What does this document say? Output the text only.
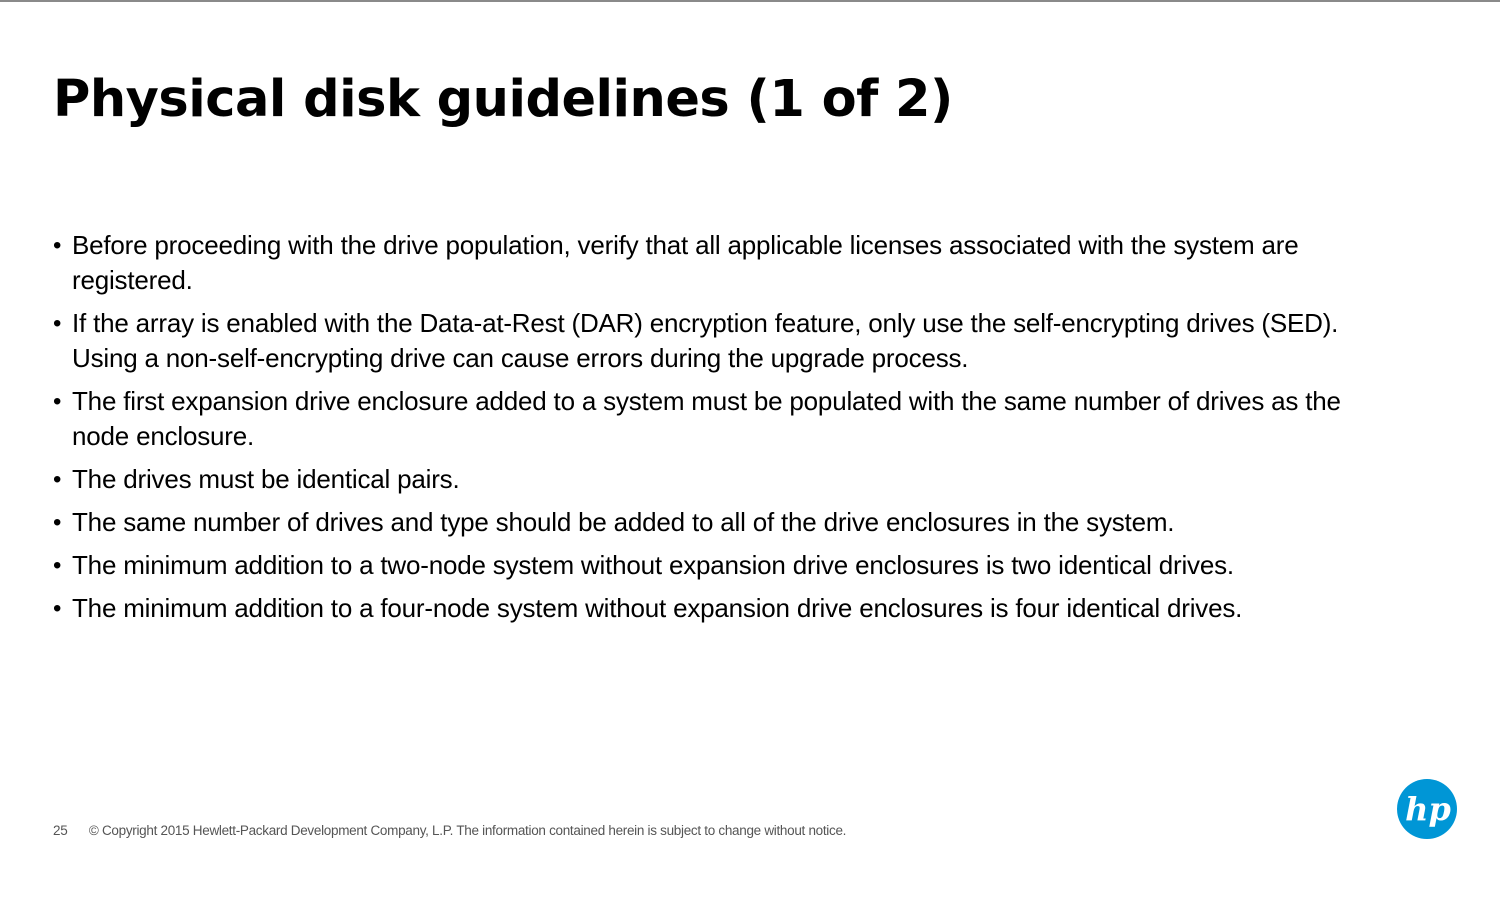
Physical disk guidelines (1 of 2)
• Before proceeding with the drive population, verify that all applicable licenses associated with the system are registered.
• If the array is enabled with the Data-at-Rest (DAR) encryption feature, only use the self-encrypting drives (SED). Using a non-self-encrypting drive can cause errors during the upgrade process.
• The first expansion drive enclosure added to a system must be populated with the same number of drives as the node enclosure.
• The drives must be identical pairs.
• The same number of drives and type should be added to all of the drive enclosures in the system.
• The minimum addition to a two-node system without expansion drive enclosures is two identical drives.
• The minimum addition to a four-node system without expansion drive enclosures is four identical drives.
25 © Copyright 2015 Hewlett-Packard Development Company, L.P. The information contained herein is subject to change without notice.
hp
